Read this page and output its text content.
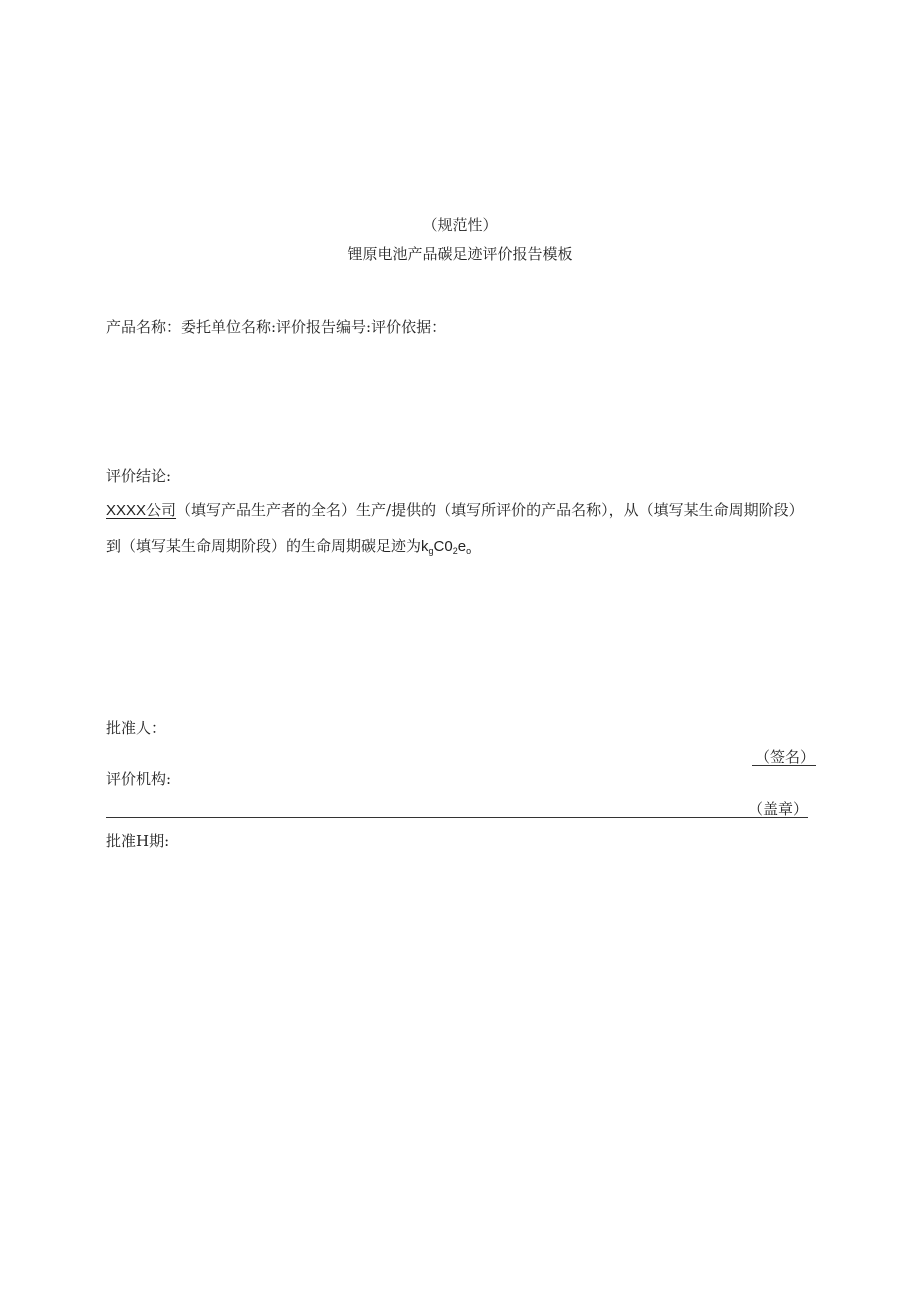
（规范性）
锂原电池产品碳足迹评价报告模板
产品名称：委托单位名称:评价报告编号:评价依据：
评价结论:
XXXX公司（填写产品生产者的全名）生产/提供的（填写所评价的产品名称），从（填写某生命周期阶段）
到（填写某生命周期阶段）的生命周期碳足迹为$k_gC0_2e_o$
批准人：
（签名）
评价机构:
（盖章）
批准H期:
